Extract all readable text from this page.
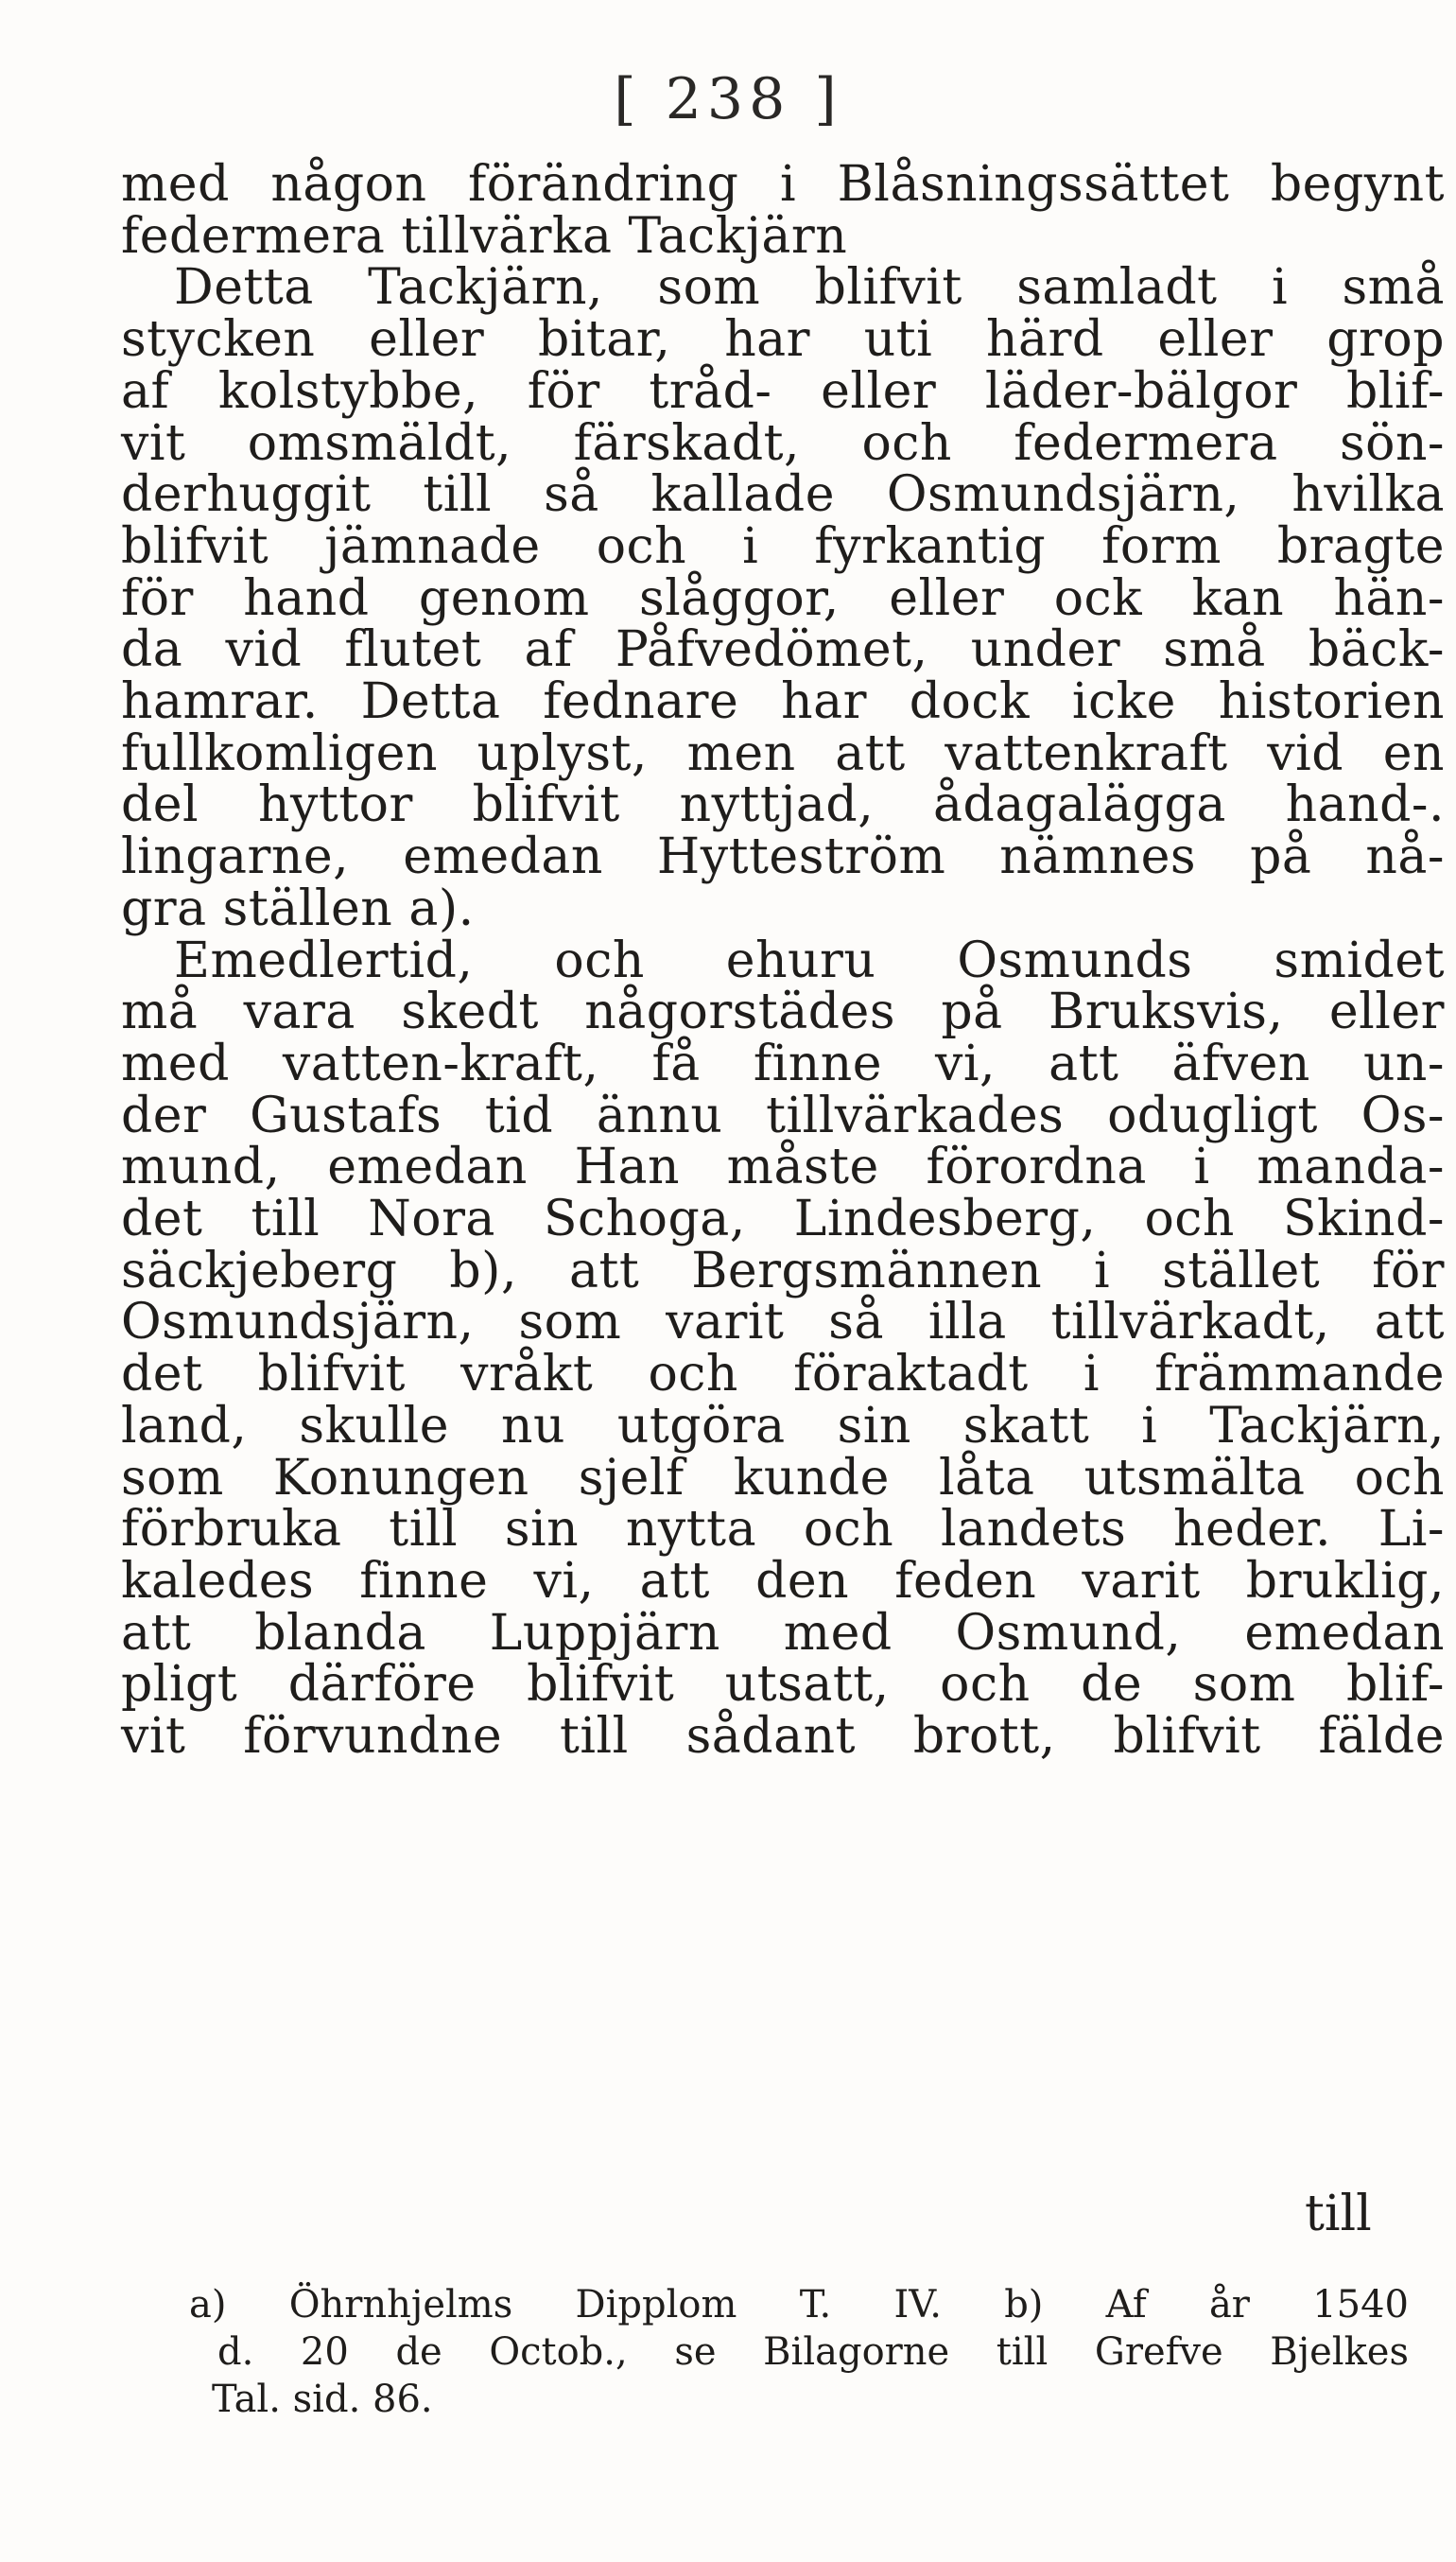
[ 238 ]
med någon förändring i Blåsningssättet begynt
federmera tillvärka Tackjärn
Detta Tackjärn, som blifvit samladt i små
stycken eller bitar, har uti härd eller grop
af kolstybbe, för tråd- eller läder-bälgor blif-
vit omsmäldt, färskadt, och federmera sön-
derhuggit till så kallade Osmundsjärn, hvilka
blifvit jämnade och i fyrkantig form bragte
för hand genom slåggor, eller ock kan hän-
da vid flutet af Påfvedömet, under små bäck-
hamrar. Detta fednare har dock icke historien
fullkomligen uplyst, men att vattenkraft vid en
del hyttor blifvit nyttjad, ådagalägga hand-.
lingarne, emedan Hytteström nämnes på nå-
gra ställen a).
Emedlertid, och ehuru Osmunds smidet
må vara skedt någorstädes på Bruksvis, eller
med vatten-kraft, få finne vi, att äfven un-
der Gustafs tid ännu tillvärkades odugligt Os-
mund, emedan Han måste förordna i manda-
det till Nora Schoga, Lindesberg, och Skind-
säckjeberg b), att Bergsmännen i stället för
Osmundsjärn, som varit så illa tillvärkadt, att
det blifvit vråkt och föraktadt i främmande
land, skulle nu utgöra sin skatt i Tackjärn,
som Konungen sjelf kunde låta utsmälta och
förbruka till sin nytta och landets heder. Li-
kaledes finne vi, att den feden varit bruklig,
att blanda Luppjärn med Osmund, emedan
pligt därföre blifvit utsatt, och de som blif-
vit förvundne till sådant brott, blifvit fälde
till
a) Öhrnhjelms Dipplom T. IV. b) Af år 1540
d. 20 de Octob., se Bilagorne till Grefve Bjelkes
Tal. sid. 86.
